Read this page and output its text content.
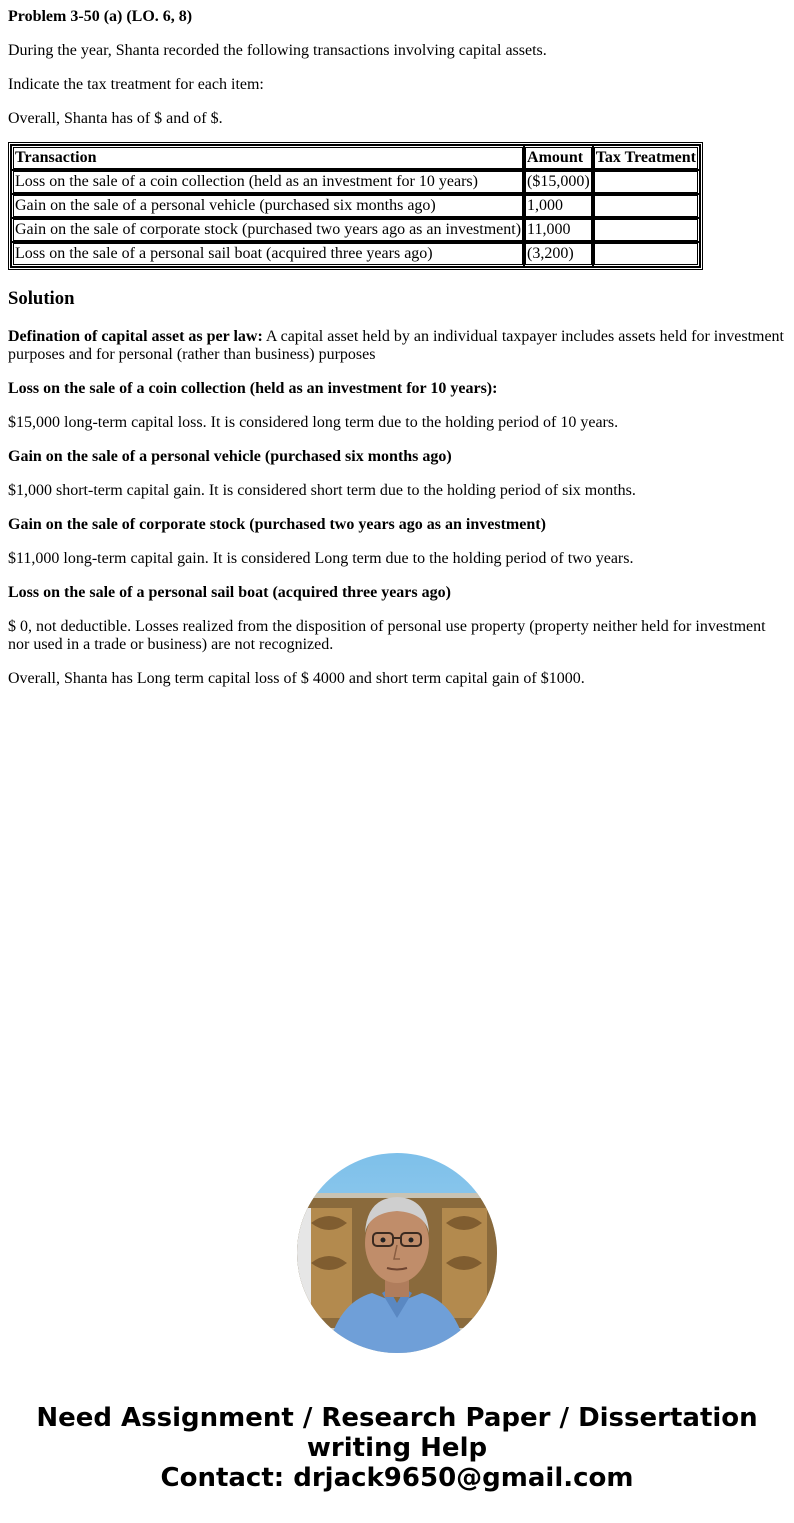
Problem 3-50 (a) (LO. 6, 8)

During the year, Shanta recorded the following transactions involving capital assets.

Indicate the tax treatment for each item:

Overall, Shanta has of $ and of $.

Transaction	Amount	Tax Treatment
Loss on the sale of a coin collection (held as an investment for 10 years)	($15,000)	
Gain on the sale of a personal vehicle (purchased six months ago)	1,000	
Gain on the sale of corporate stock (purchased two years ago as an investment)	11,000	
Loss on the sale of a personal sail boat (acquired three years ago)	(3,200)	
Solution

Defination of capital asset as per law: A capital asset held by an individual taxpayer includes assets held for investment purposes and for personal (rather than business) purposes

Loss on the sale of a coin collection (held as an investment for 10 years):

$15,000 long-term capital loss. It is considered long term due to the holding period of 10 years.

Gain on the sale of a personal vehicle (purchased six months ago)

$1,000 short-term capital gain. It is considered short term due to the holding period of six months.

Gain on the sale of corporate stock (purchased two years ago as an investment)

$11,000 long-term capital gain. It is considered Long term due to the holding period of two years.

Loss on the sale of a personal sail boat (acquired three years ago)

$ 0, not deductible. Losses realized from the disposition of personal use property (property neither held for investment nor used in a trade or business) are not recognized.

Overall, Shanta has Long term capital loss of $ 4000 and short term capital gain of $1000.

Need Assignment / Research Paper / Dissertation
writing Help
Contact: drjack9650@gmail.com
